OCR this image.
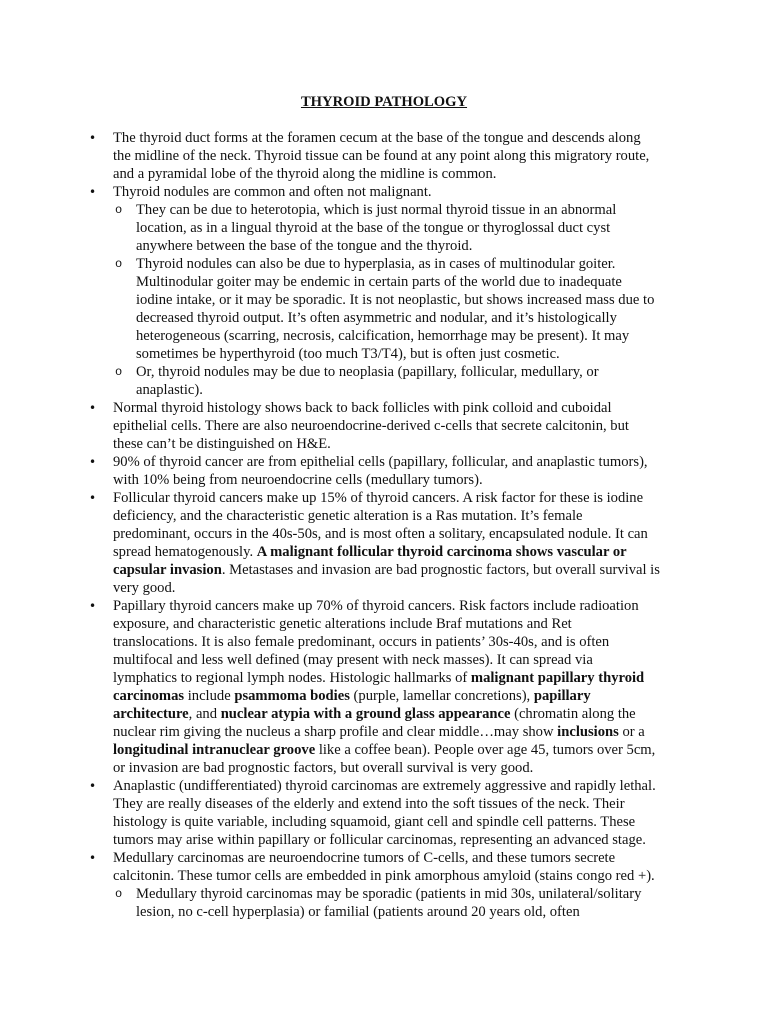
THYROID PATHOLOGY
• The thyroid duct forms at the foramen cecum at the base of the tongue and descends along the midline of the neck. Thyroid tissue can be found at any point along this migratory route, and a pyramidal lobe of the thyroid along the midline is common.
• Thyroid nodules are common and often not malignant.
o They can be due to heterotopia, which is just normal thyroid tissue in an abnormal location, as in a lingual thyroid at the base of the tongue or thyroglossal duct cyst anywhere between the base of the tongue and the thyroid.
o Thyroid nodules can also be due to hyperplasia, as in cases of multinodular goiter. Multinodular goiter may be endemic in certain parts of the world due to inadequate iodine intake, or it may be sporadic. It is not neoplastic, but shows increased mass due to decreased thyroid output. It’s often asymmetric and nodular, and it’s histologically heterogeneous (scarring, necrosis, calcification, hemorrhage may be present). It may sometimes be hyperthyroid (too much T3/T4), but is often just cosmetic.
o Or, thyroid nodules may be due to neoplasia (papillary, follicular, medullary, or anaplastic).
• Normal thyroid histology shows back to back follicles with pink colloid and cuboidal epithelial cells. There are also neuroendocrine-derived c-cells that secrete calcitonin, but these can’t be distinguished on H&E.
• 90% of thyroid cancer are from epithelial cells (papillary, follicular, and anaplastic tumors), with 10% being from neuroendocrine cells (medullary tumors).
• Follicular thyroid cancers make up 15% of thyroid cancers. A risk factor for these is iodine deficiency, and the characteristic genetic alteration is a Ras mutation. It’s female predominant, occurs in the 40s-50s, and is most often a solitary, encapsulated nodule. It can spread hematogenously. A malignant follicular thyroid carcinoma shows vascular or capsular invasion. Metastases and invasion are bad prognostic factors, but overall survival is very good.
• Papillary thyroid cancers make up 70% of thyroid cancers. Risk factors include radioation exposure, and characteristic genetic alterations include Braf mutations and Ret translocations. It is also female predominant, occurs in patients’ 30s-40s, and is often multifocal and less well defined (may present with neck masses). It can spread via lymphatics to regional lymph nodes. Histologic hallmarks of malignant papillary thyroid carcinomas include psammoma bodies (purple, lamellar concretions), papillary architecture, and nuclear atypia with a ground glass appearance (chromatin along the nuclear rim giving the nucleus a sharp profile and clear middle…may show inclusions or a longitudinal intranuclear groove like a coffee bean). People over age 45, tumors over 5cm, or invasion are bad prognostic factors, but overall survival is very good.
• Anaplastic (undifferentiated) thyroid carcinomas are extremely aggressive and rapidly lethal. They are really diseases of the elderly and extend into the soft tissues of the neck. Their histology is quite variable, including squamoid, giant cell and spindle cell patterns. These tumors may arise within papillary or follicular carcinomas, representing an advanced stage.
• Medullary carcinomas are neuroendocrine tumors of C-cells, and these tumors secrete calcitonin. These tumor cells are embedded in pink amorphous amyloid (stains congo red +).
o Medullary thyroid carcinomas may be sporadic (patients in mid 30s, unilateral/solitary lesion, no c-cell hyperplasia) or familial (patients around 20 years old, often
